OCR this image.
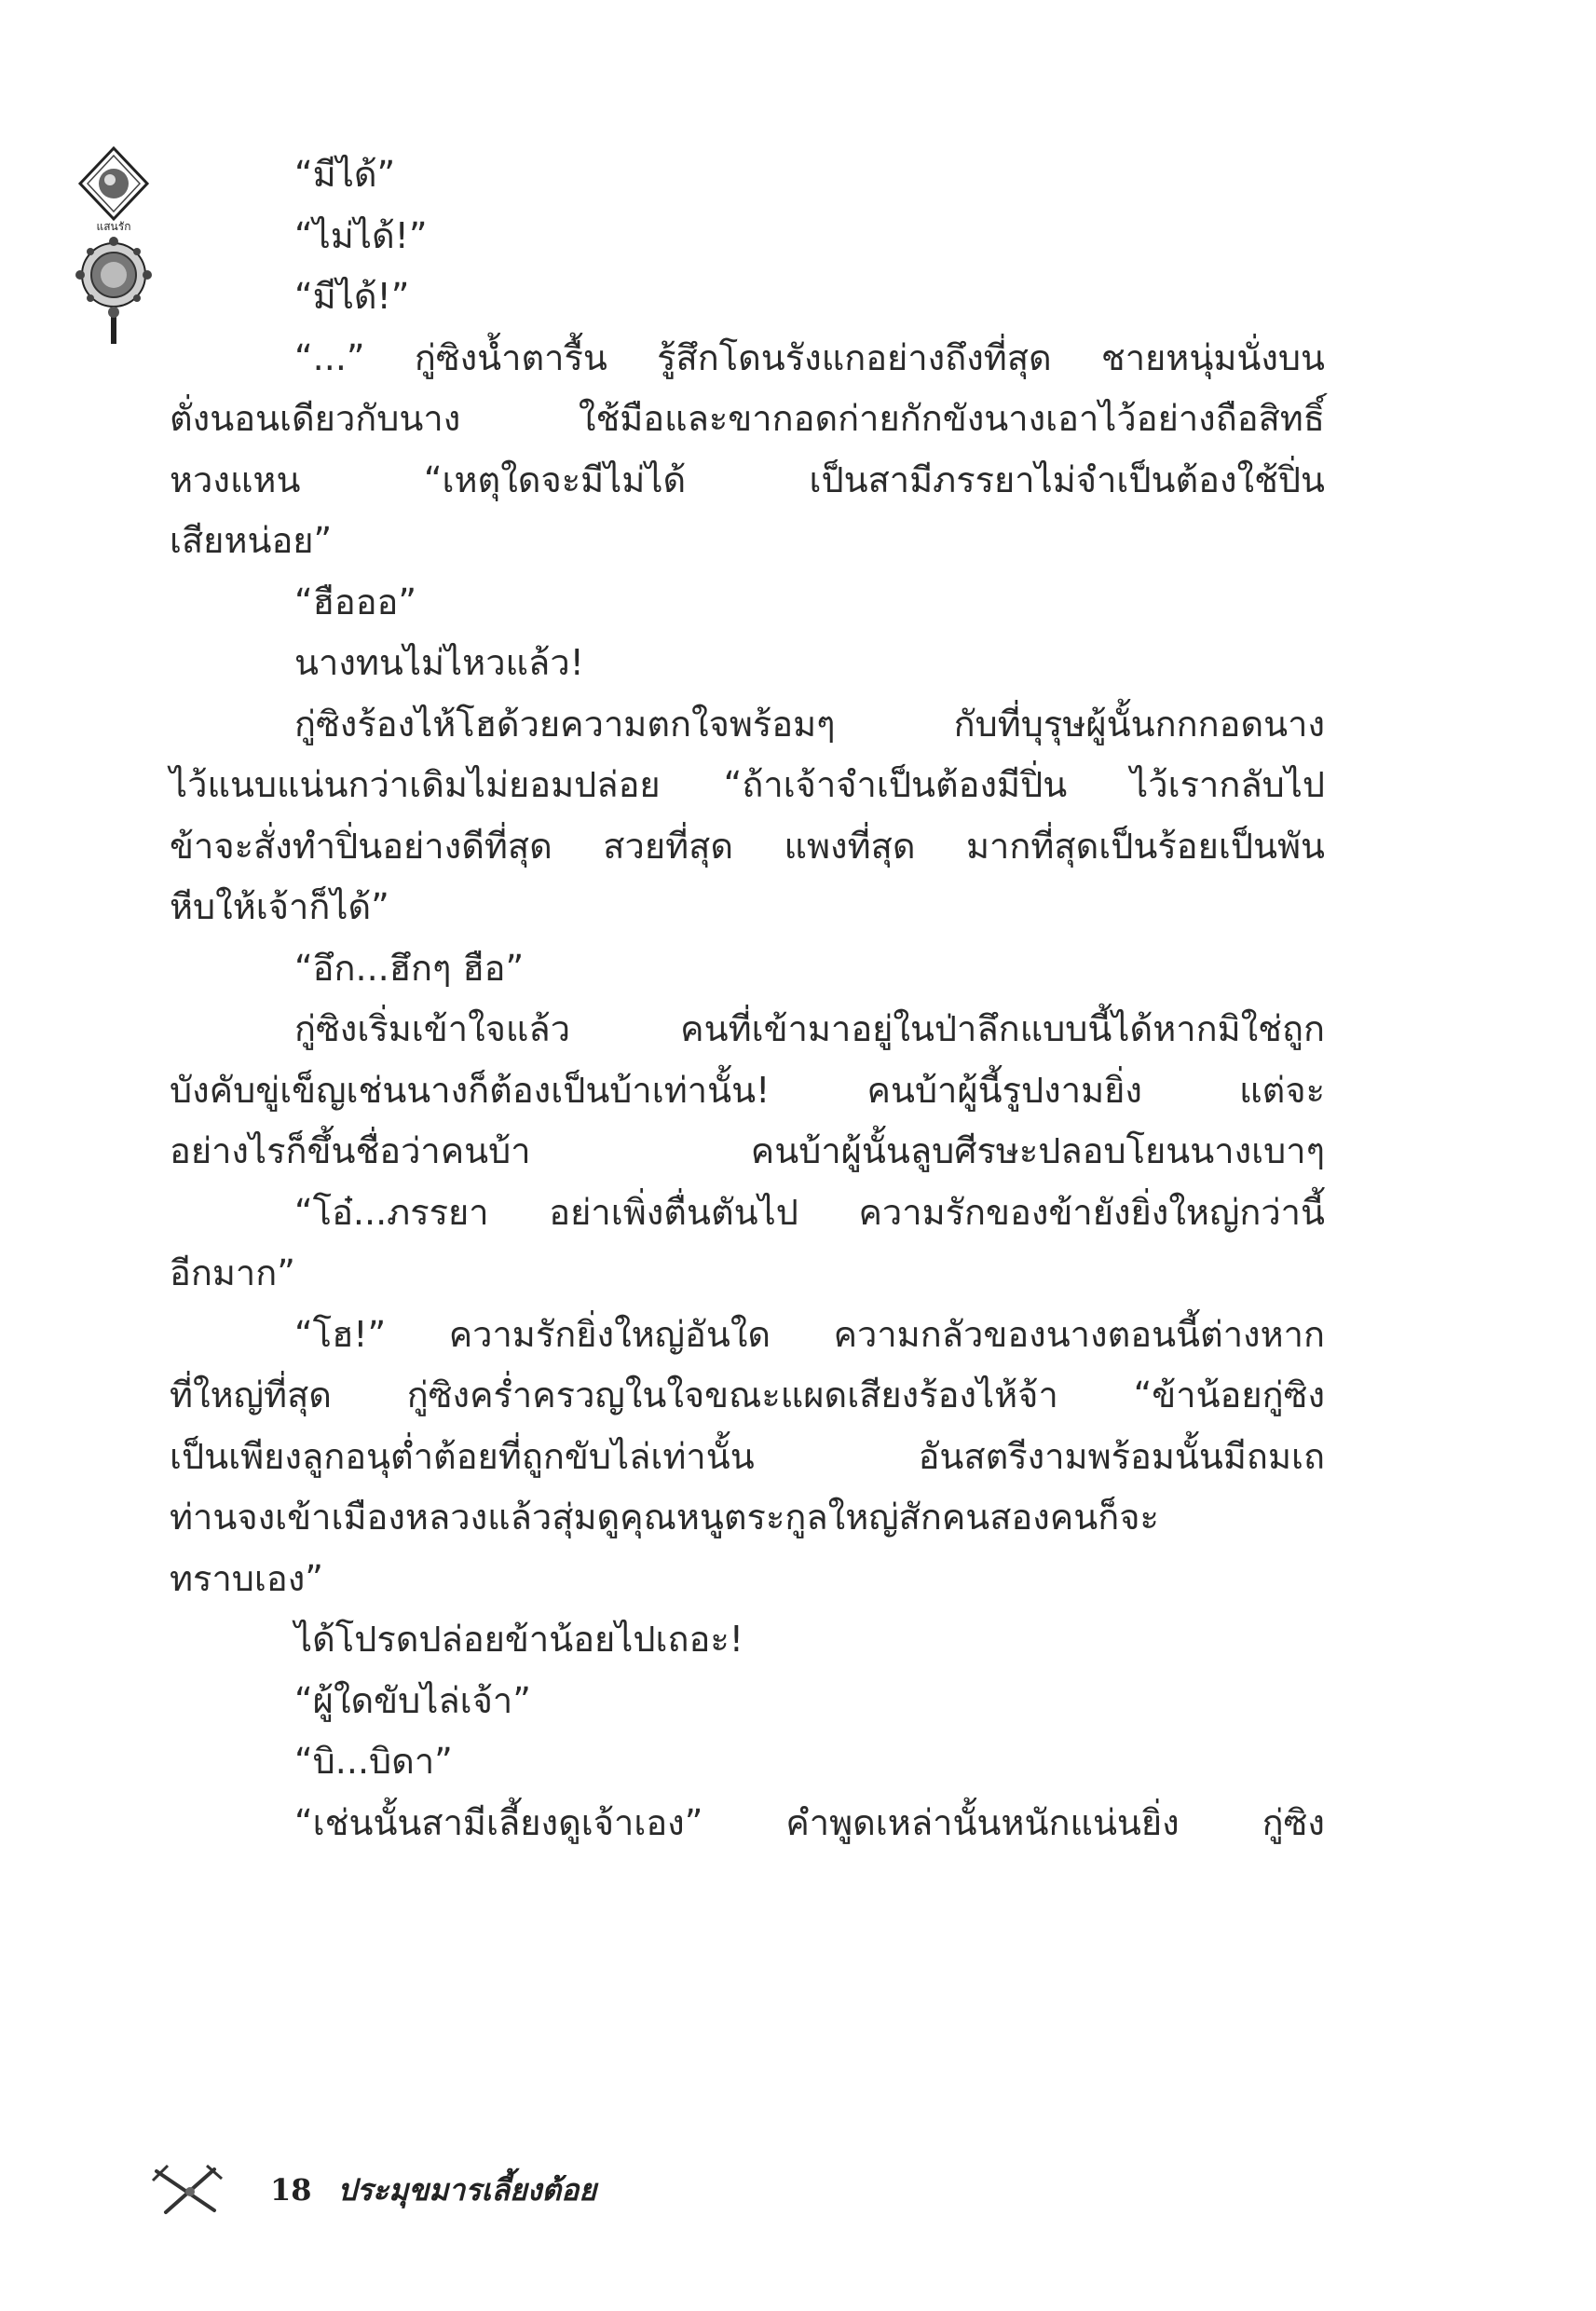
แสนรัก

“มีได้”

“ไม่ได้!”

“มีได้!”

“...” กู่ซิงน้ำตารื้น รู้สึกโดนรังแกอย่างถึงที่สุด ชายหนุ่มนั่งบน

ตั่งนอนเดียวกับนาง ใช้มือและขากอดก่ายกักขังนางเอาไว้อย่างถือสิทธิ์

หวงแหน “เหตุใดจะมีไม่ได้ เป็นสามีภรรยาไม่จำเป็นต้องใช้ปิ่น

เสียหน่อย”

“ฮือออ”

นางทนไม่ไหวแล้ว!

กู่ซิงร้องไห้โฮด้วยความตกใจพร้อมๆ กับที่บุรุษผู้นั้นกกกอดนาง

ไว้แนบแน่นกว่าเดิมไม่ยอมปล่อย “ถ้าเจ้าจำเป็นต้องมีปิ่น ไว้เรากลับไป

ข้าจะสั่งทำปิ่นอย่างดีที่สุด สวยที่สุด แพงที่สุด มากที่สุดเป็นร้อยเป็นพัน

หีบให้เจ้าก็ได้”

“อึก...ฮึกๆ ฮือ”

กู่ซิงเริ่มเข้าใจแล้ว คนที่เข้ามาอยู่ในป่าลึกแบบนี้ได้หากมิใช่ถูก

บังคับขู่เข็ญเช่นนางก็ต้องเป็นบ้าเท่านั้น! คนบ้าผู้นี้รูปงามยิ่ง แต่จะ

อย่างไรก็ขึ้นชื่อว่าคนบ้า คนบ้าผู้นั้นลูบศีรษะปลอบโยนนางเบาๆ

“โอ๋...ภรรยา อย่าเพิ่งตื่นตันไป ความรักของข้ายังยิ่งใหญ่กว่านี้

อีกมาก”

“โฮ!” ความรักยิ่งใหญ่อันใด ความกลัวของนางตอนนี้ต่างหาก

ที่ใหญ่ที่สุด กู่ซิงคร่ำครวญในใจขณะแผดเสียงร้องไห้จ้า “ข้าน้อยกู่ซิง

เป็นเพียงลูกอนุต่ำต้อยที่ถูกขับไล่เท่านั้น อันสตรีงามพร้อมนั้นมีถมเถ

ท่านจงเข้าเมืองหลวงแล้วสุ่มดูคุณหนูตระกูลใหญ่สักคนสองคนก็จะ

ทราบเอง”

ได้โปรดปล่อยข้าน้อยไปเถอะ!

“ผู้ใดขับไล่เจ้า”

“บิ...บิดา”

“เช่นนั้นสามีเลี้ยงดูเจ้าเอง” คำพูดเหล่านั้นหนักแน่นยิ่ง กู่ซิง

18 ประมุขมารเลี้ยงต้อย
